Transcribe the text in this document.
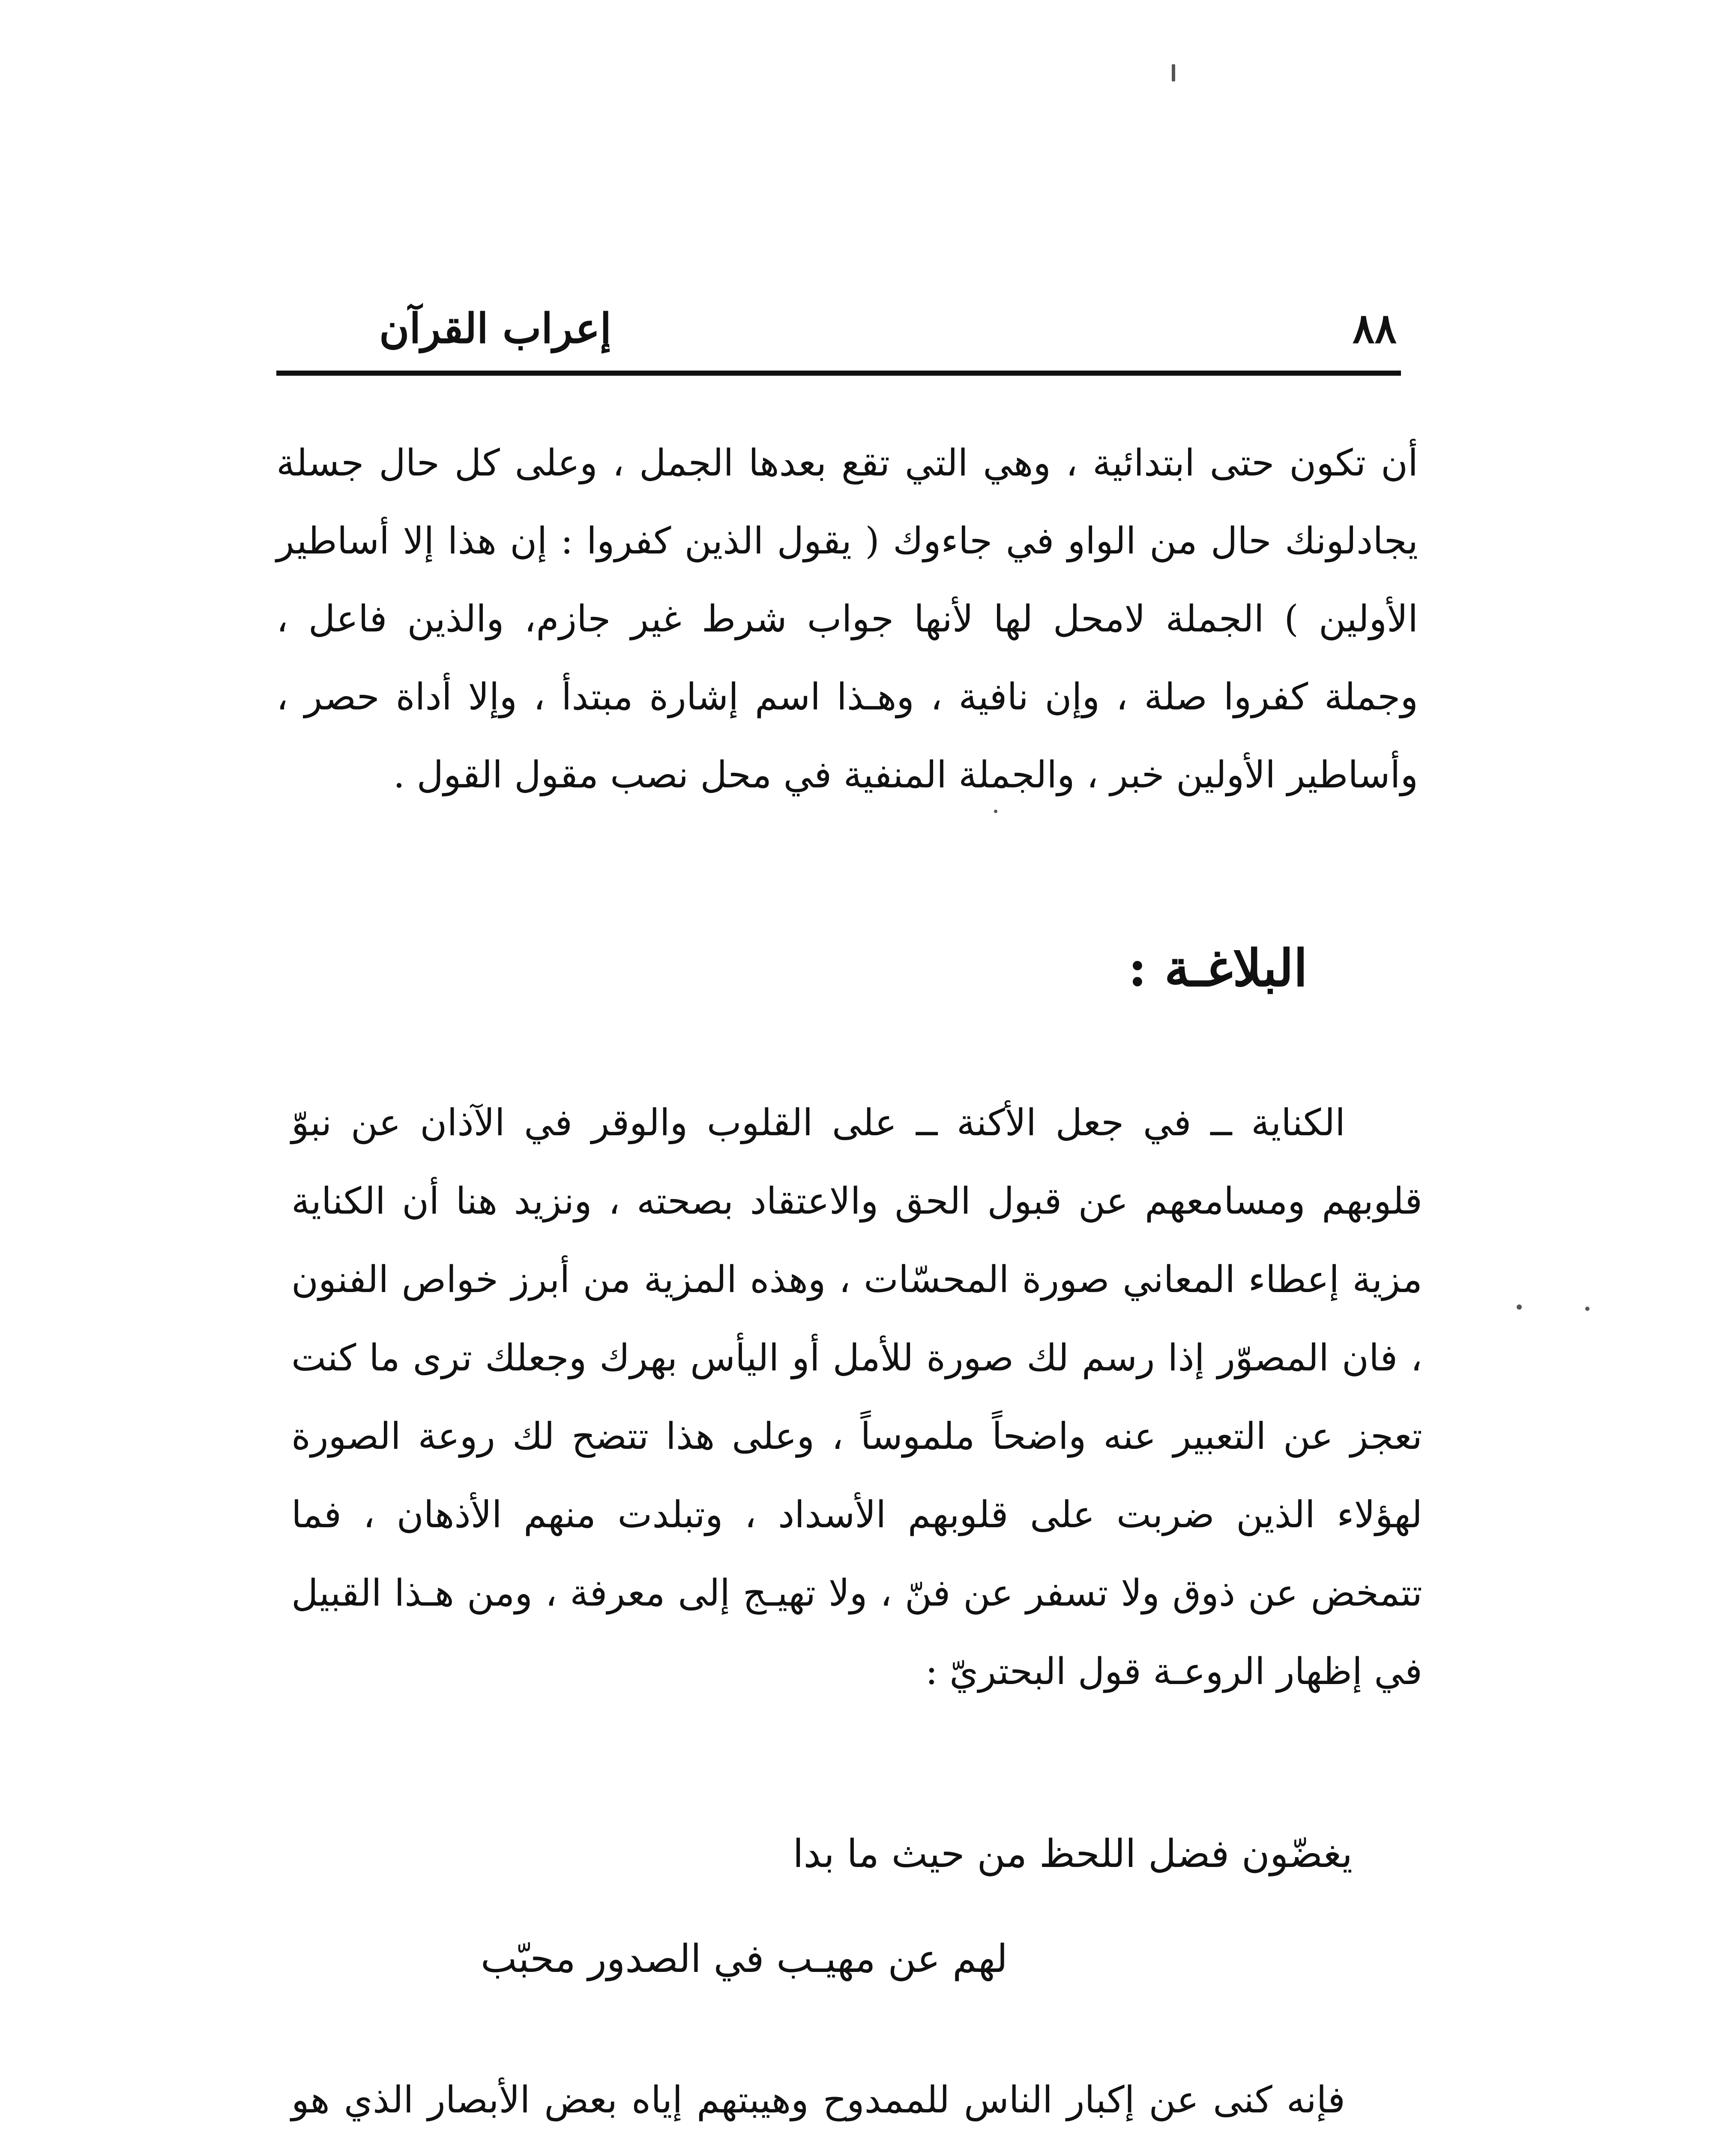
٨٨
إعراب القرآن

أن تكون حتى ابتدائية ، وهي التي تقع بعدها الجمل ، وعلى كل حال جسلة يجادلونك حال من الواو في جاءوك ( يقول الذين كفروا : إن هذا إلا أساطير الأولين ) الجملة لامحل لها لأنها جواب شرط غير جازم، والذين فاعل ، وجملة كفروا صلة ، وإن نافية ، وهـذا اسم إشارة مبتدأ ، وإلا أداة حصر ، وأساطير الأولين خبر ، والجملة المنفية في محل نصب مقول القول .

البلاغـة :

الكناية ــ في جعل الأكنة ــ على القلوب والوقر في الآذان عن نبوّ قلوبهم ومسامعهم عن قبول الحق والاعتقاد بصحته ، ونزيد هنا أن الكناية مزية إعطاء المعاني صورة المحسّات ، وهذه المزية من أبرز خواص الفنون ، فان المصوّر إذا رسم لك صورة للأمل أو اليأس بهرك وجعلك ترى ما كنت تعجز عن التعبير عنه واضحاً ملموساً ، وعلى هذا تتضح لك روعة الصورة لهؤلاء الذين ضربت على قلوبهم الأسداد ، وتبلدت منهم الأذهان ، فما تتمخض عن ذوق ولا تسفر عن فنّ ، ولا تهيـج إلى معرفة ، ومن هـذا القبيل في إظهار الروعـة قول البحتريّ :

يغضّون فضل اللحظ من حيث ما بدا
لهم عن مهيـب في الصدور محبّب

فإنه كنى عن إكبار الناس للممدوح وهيبتهم إياه بعض الأبصار الذي هو
